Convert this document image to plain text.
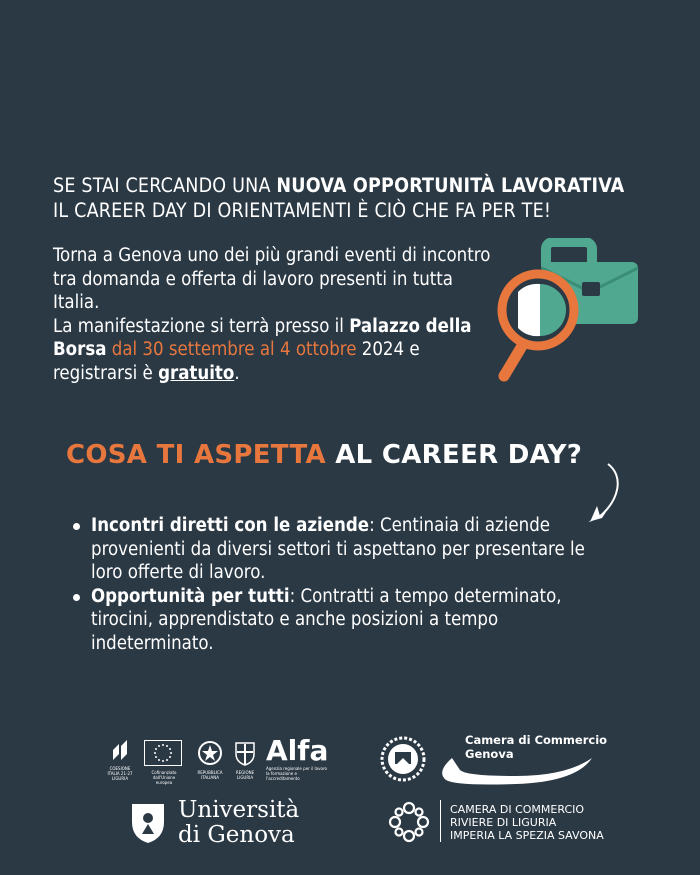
SE STAI CERCANDO UNA NUOVA OPPORTUNITÀ LAVORATIVA
IL CAREER DAY DI ORIENTAMENTI È CIÒ CHE FA PER TE!
Torna a Genova uno dei più grandi eventi di incontro tra domanda e offerta di lavoro presenti in tutta Italia.
La manifestazione si terrà presso il Palazzo della Borsa dal 30 settembre al 4 ottobre 2024 e registrarsi è gratuito.
COSA TI ASPETTA AL CAREER DAY?
Incontri diretti con le aziende: Centinaia di aziende provenienti da diversi settori ti aspettano per presentare le loro offerte di lavoro.
Opportunità per tutti: Contratti a tempo determinato, tirocini, apprendistato e anche posizioni a tempo indeterminato.
COESIONE ITALIA 21-27 LIGURIA
Cofinanziato dall'Unione europea
REPUBBLICA ITALIANA
REGIONE LIGURIA
Alfa
Agenzia regionale per il lavoro la formazione e l'accreditamento
Camera di Commercio
Genova
Università
di Genova
CAMERA DI COMMERCIO
RIVIERE DI LIGURIA
IMPERIA LA SPEZIA SAVONA
